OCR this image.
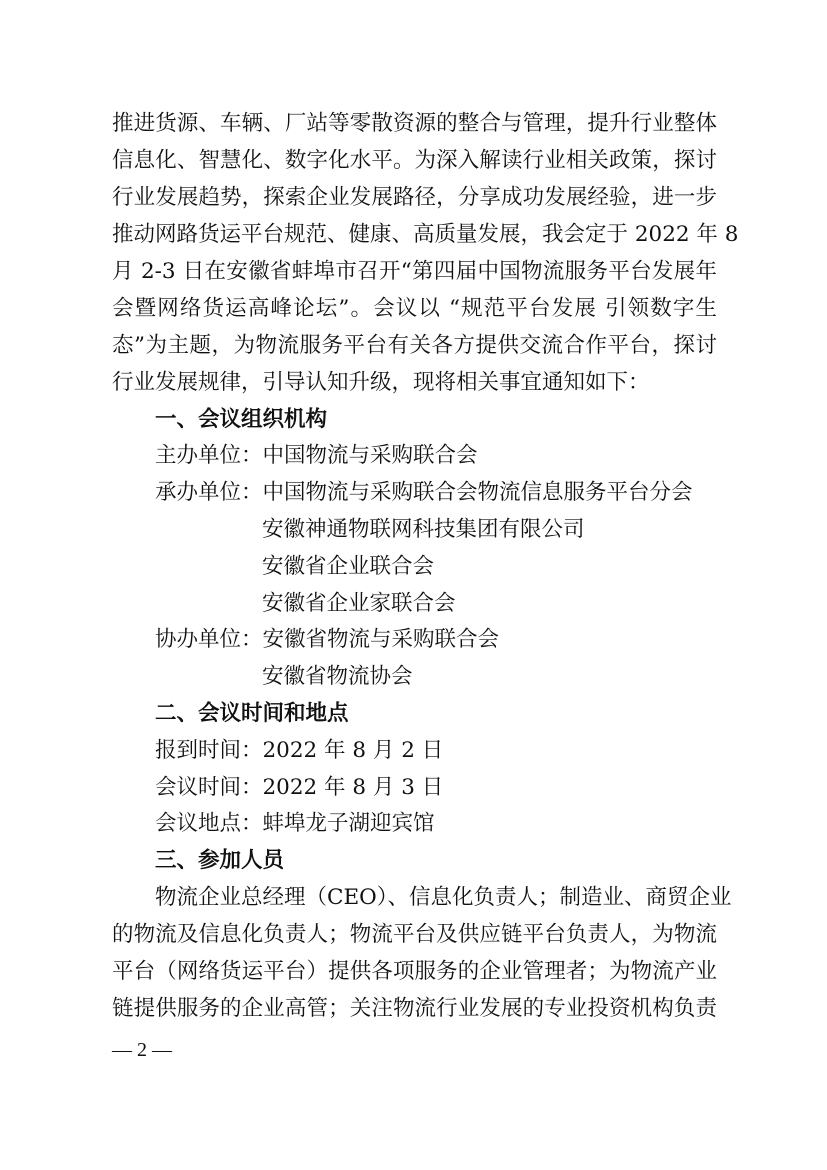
推进货源、车辆、厂站等零散资源的整合与管理，提升行业整体
信息化、智慧化、数字化水平。为深入解读行业相关政策，探讨
行业发展趋势，探索企业发展路径，分享成功发展经验，进一步
推动网路货运平台规范、健康、高质量发展，我会定于 2022 年 8
月 2-3 日在安徽省蚌埠市召开“第四届中国物流服务平台发展年
会暨网络货运高峰论坛”。会议以 “规范平台发展 引领数字生
态”为主题，为物流服务平台有关各方提供交流合作平台，探讨
行业发展规律，引导认知升级，现将相关事宜通知如下：
一、会议组织机构
主办单位：中国物流与采购联合会
承办单位：中国物流与采购联合会物流信息服务平台分会
安徽神通物联网科技集团有限公司
安徽省企业联合会
安徽省企业家联合会
协办单位：安徽省物流与采购联合会
安徽省物流协会
二、会议时间和地点
报到时间：2022 年 8 月 2 日
会议时间：2022 年 8 月 3 日
会议地点：蚌埠龙子湖迎宾馆
三、参加人员
物流企业总经理（CEO）、信息化负责人；制造业、商贸企业
的物流及信息化负责人；物流平台及供应链平台负责人，为物流
平台（网络货运平台）提供各项服务的企业管理者；为物流产业
链提供服务的企业高管；关注物流行业发展的专业投资机构负责
— 2 —
